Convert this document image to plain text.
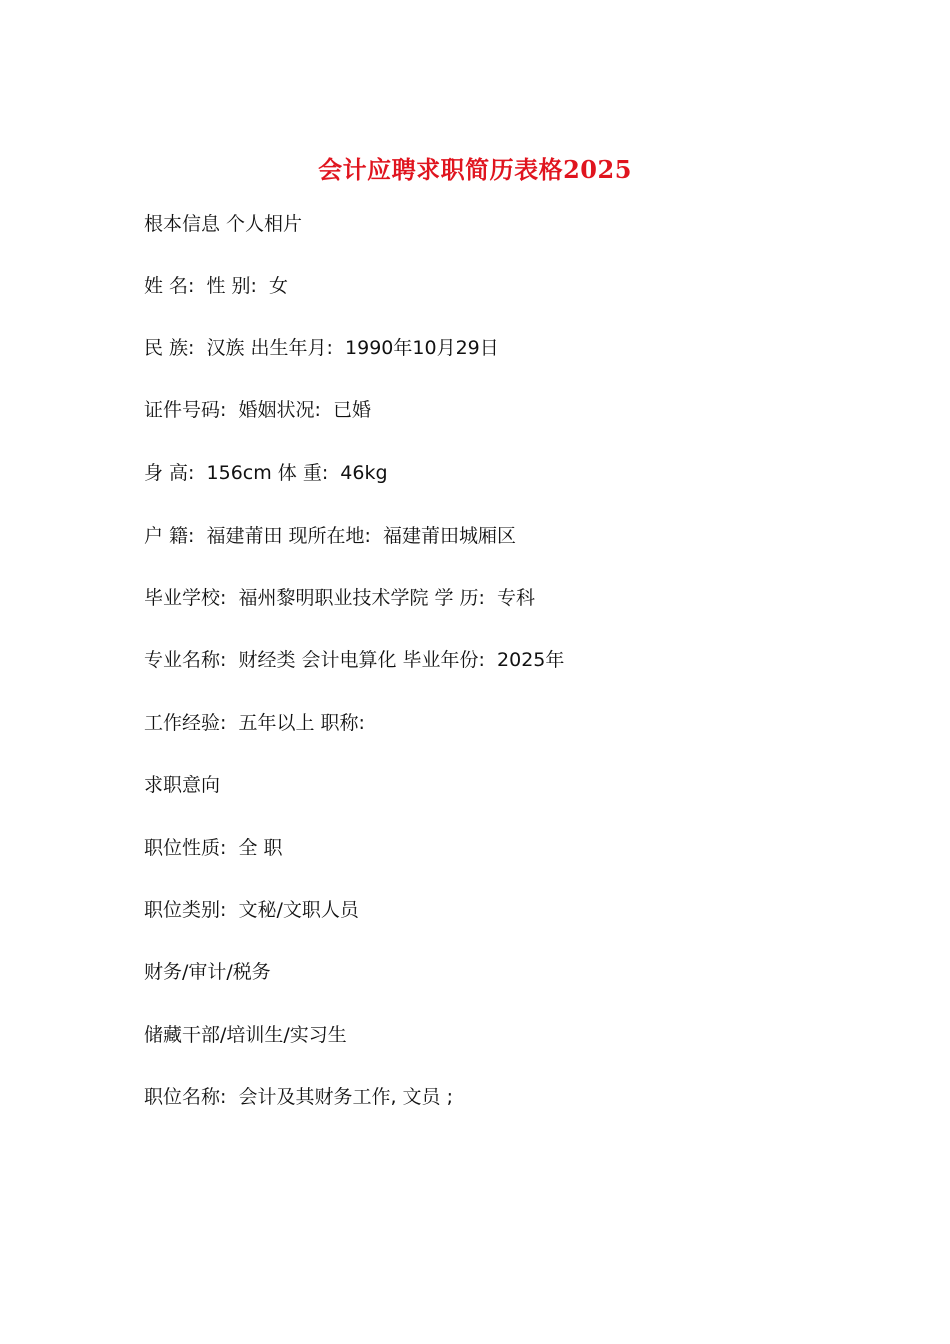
会计应聘求职简历表格2025
根本信息 个人相片
姓 名:  性 别:  女
民 族:  汉族 出生年月:  1990年10月29日
证件号码:  婚姻状况:  已婚
身 高:  156cm 体 重:  46kg
户 籍:  福建莆田 现所在地:  福建莆田城厢区
毕业学校:  福州黎明职业技术学院 学 历:  专科
专业名称:  财经类 会计电算化 毕业年份:  2025年
工作经验:  五年以上 职称:
求职意向
职位性质:  全 职
职位类别:  文秘/文职人员
财务/审计/税务
储藏干部/培训生/实习生
职位名称:  会计及其财务工作, 文员 ;
